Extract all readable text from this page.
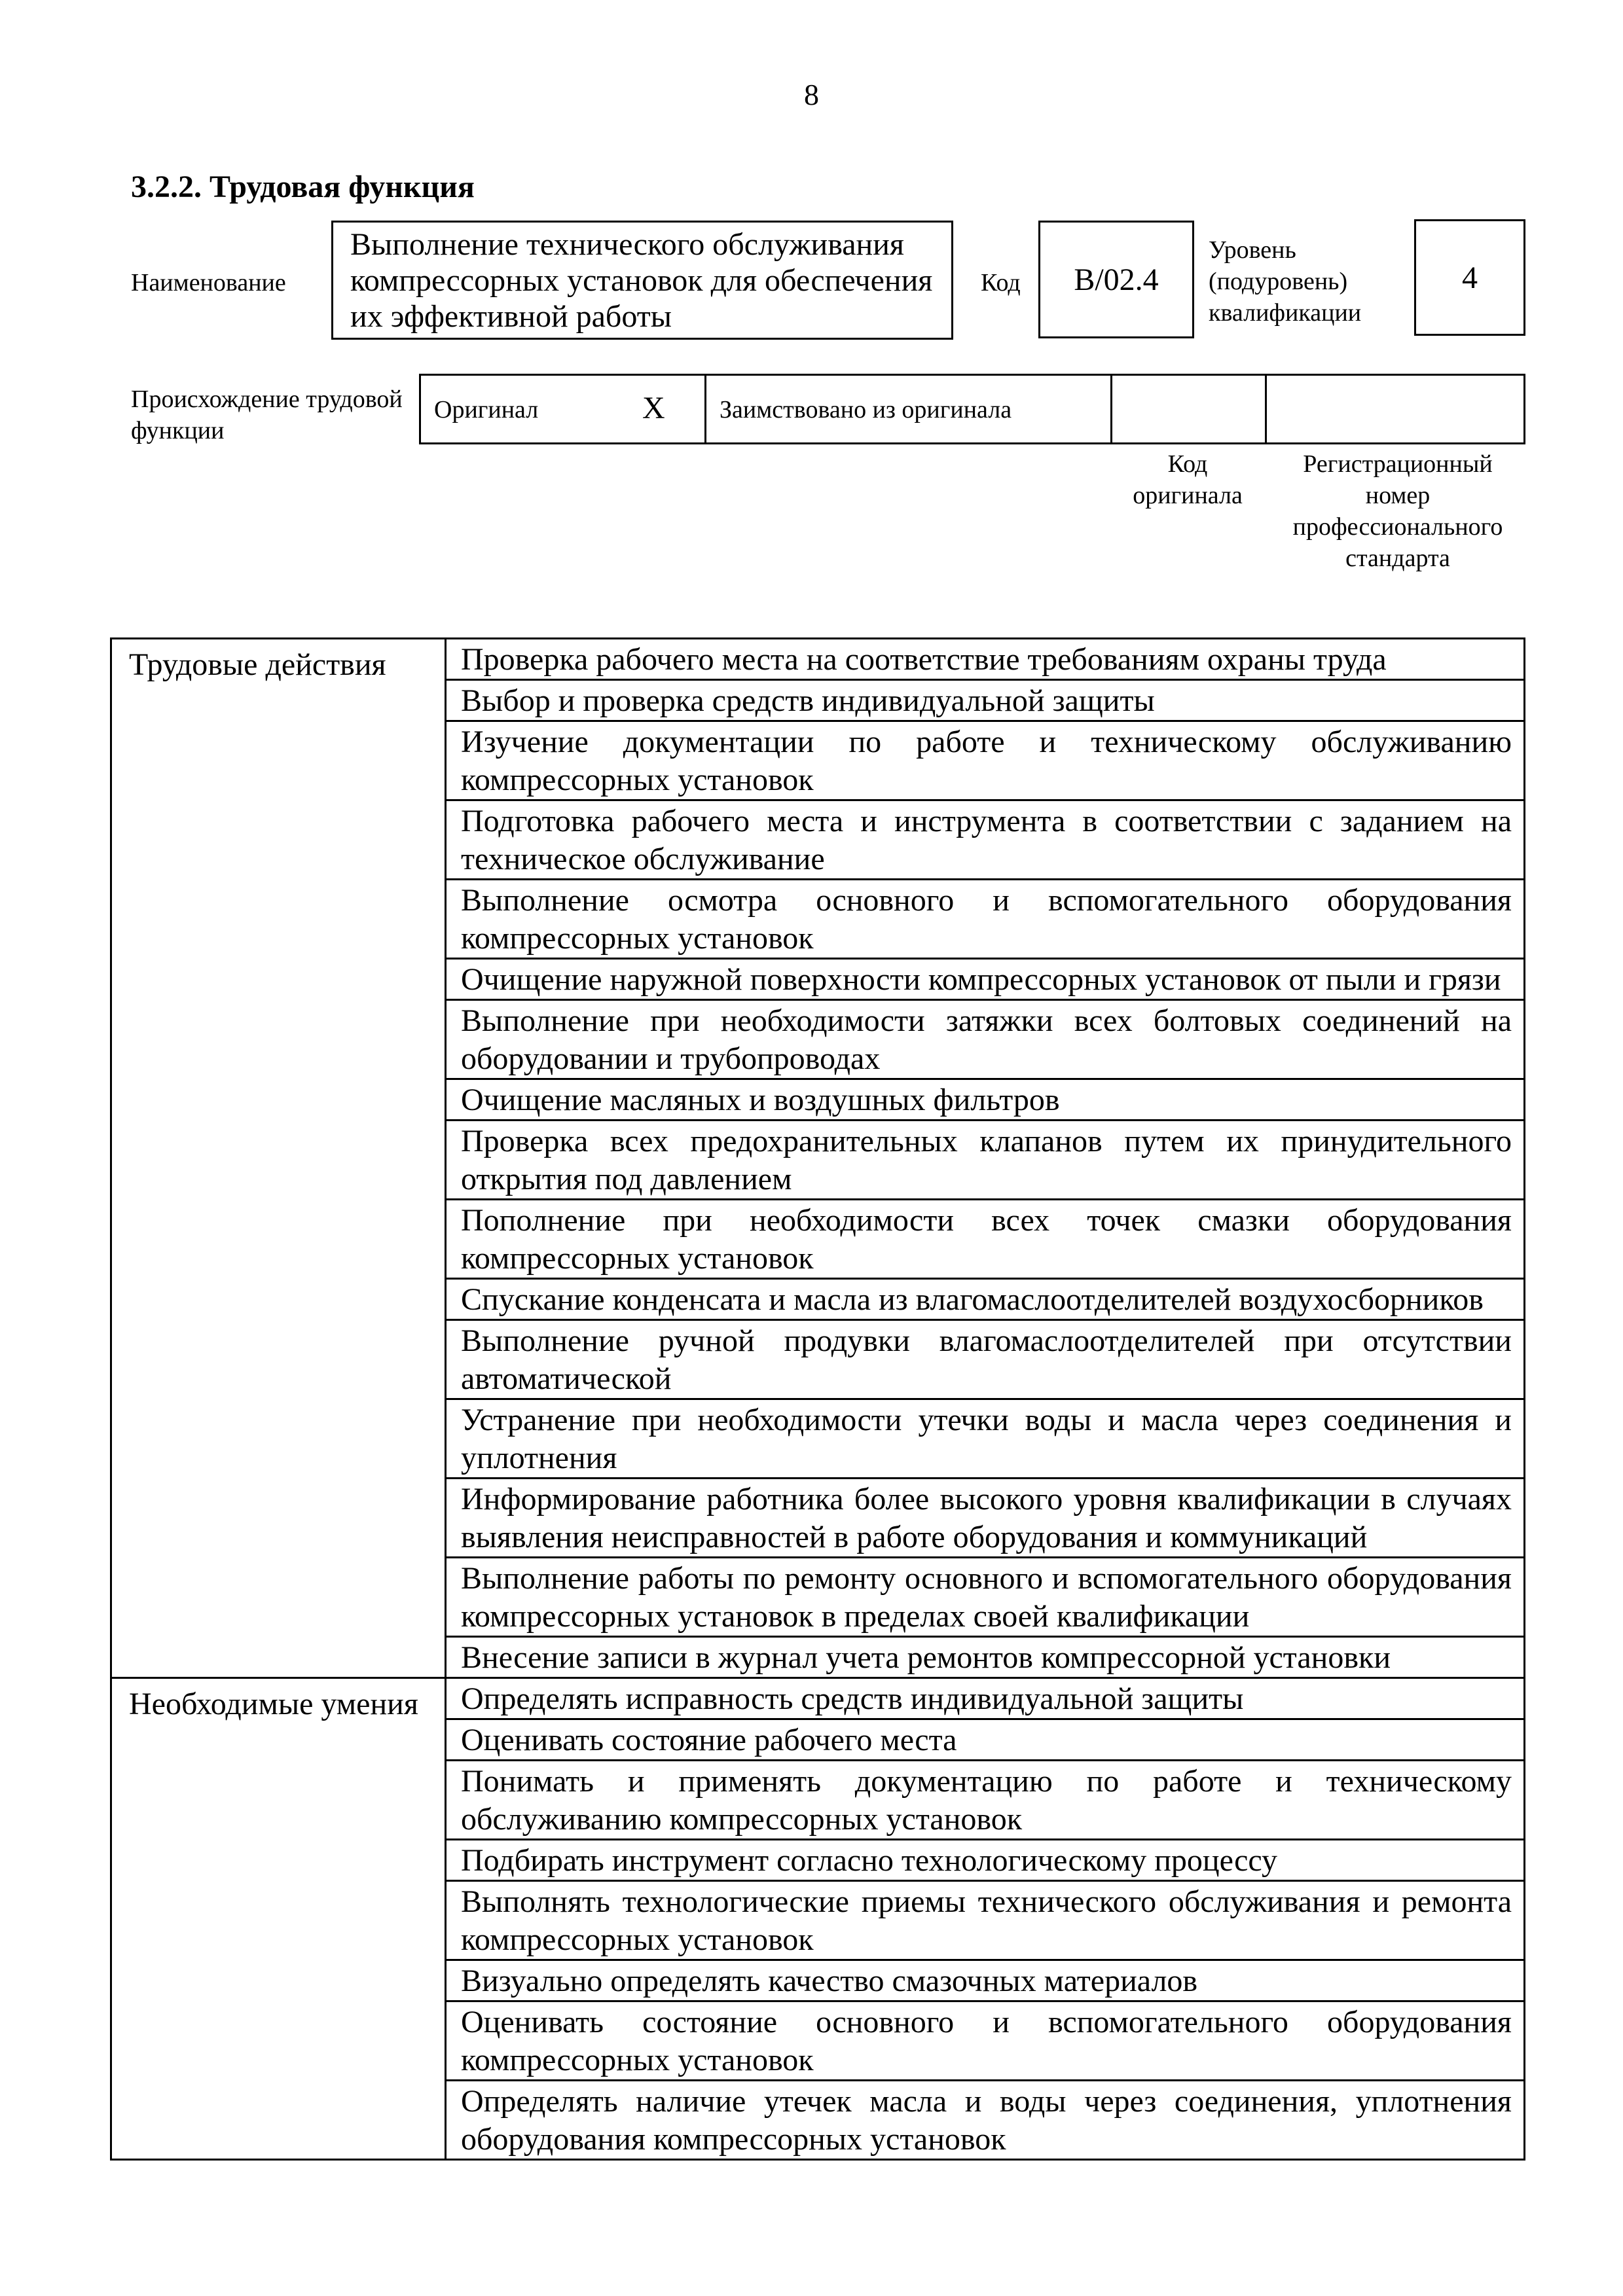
8
3.2.2. Трудовая функция
Наименование
Выполнение технического обслуживания компрессорных установок для обеспечения их эффективной работы
Код B/02.4
Уровень (подуровень) квалификации
4
Происхождение трудовой функции
Оригинал	X Заимствовано из оригинала
Код оригинала
Регистрационный номер профессионального стандарта
Трудовые действия	Проверка рабочего места на соответствие требованиям охраны труда
	Выбор и проверка средств индивидуальной защиты
	Изучение документации по работе и техническому обслуживанию компрессорных установок
	Подготовка рабочего места и инструмента в соответствии с заданием на техническое обслуживание
	Выполнение осмотра основного и вспомогательного оборудования компрессорных установок
	Очищение наружной поверхности компрессорных установок от пыли и грязи
	Выполнение при необходимости затяжки всех болтовых соединений на оборудовании и трубопроводах
	Очищение масляных и воздушных фильтров
	Проверка всех предохранительных клапанов путем их принудительного открытия под давлением
	Пополнение при необходимости всех точек смазки оборудования компрессорных установок
	Спускание конденсата и масла из влагомаслоотделителей воздухосборников
	Выполнение ручной продувки влагомаслоотделителей при отсутствии автоматической
	Устранение при необходимости утечки воды и масла через соединения и уплотнения
	Информирование работника более высокого уровня квалификации в случаях выявления неисправностей в работе оборудования и коммуникаций
	Выполнение работы по ремонту основного и вспомогательного оборудования компрессорных установок в пределах своей квалификации
	Внесение записи в журнал учета ремонтов компрессорной установки
Необходимые умения	Определять исправность средств индивидуальной защиты
	Оценивать состояние рабочего места
	Понимать и применять документацию по работе и техническому обслуживанию компрессорных установок
	Подбирать инструмент согласно технологическому процессу
	Выполнять технологические приемы технического обслуживания и ремонта компрессорных установок
	Визуально определять качество смазочных материалов
	Оценивать состояние основного и вспомогательного оборудования компрессорных установок
	Определять наличие утечек масла и воды через соединения, уплотнения оборудования компрессорных установок
